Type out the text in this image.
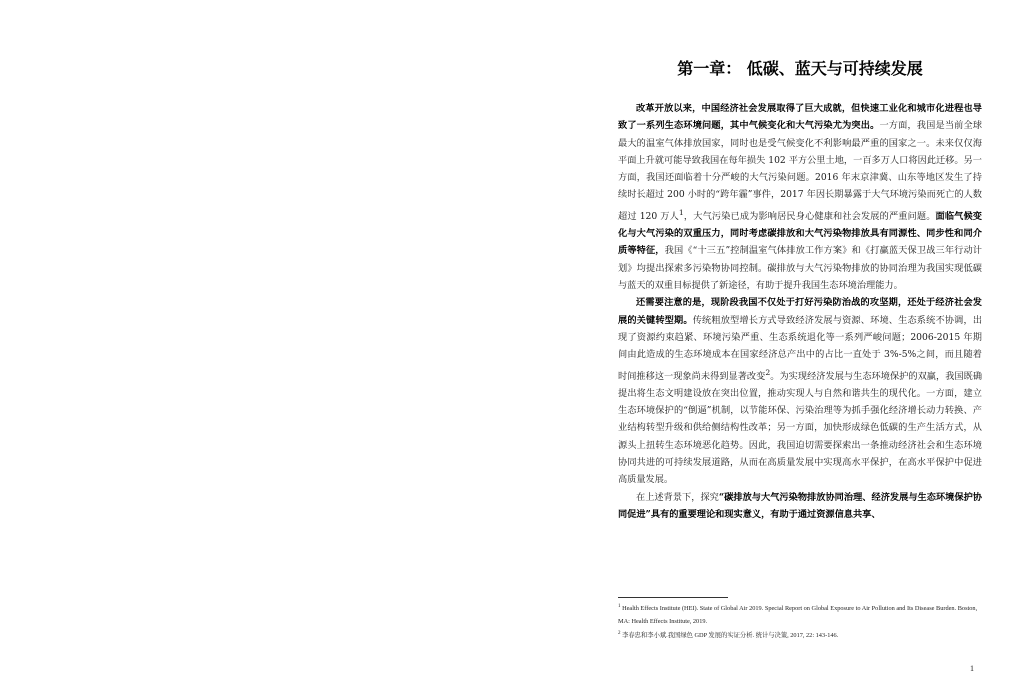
第一章： 低碳、蓝天与可持续发展

改革开放以来，中国经济社会发展取得了巨大成就，但快速工业化和城市化进程也导致了一系列生态环境问题，其中气候变化和大气污染尤为突出。一方面，我国是当前全球最大的温室气体排放国家，同时也是受气候变化不利影响最严重的国家之一。未来仅仅海平面上升就可能导致我国在每年损失 102 平方公里土地，一百多万人口将因此迁移。另一方面，我国还面临着十分严峻的大气污染问题。2016 年末京津冀、山东等地区发生了持续时长超过 200 小时的“跨年霾”事件，2017 年因长期暴露于大气环境污染而死亡的人数超过 120 万人$^1$，大气污染已成为影响居民身心健康和社会发展的严重问题。面临气候变化与大气污染的双重压力，同时考虑碳排放和大气污染物排放具有同源性、同步性和同介质等特征，我国《“十三五”控制温室气体排放工作方案》和《打赢蓝天保卫战三年行动计划》均提出探索多污染物协同控制。碳排放与大气污染物排放的协同治理为我国实现低碳与蓝天的双重目标提供了新途径，有助于提升我国生态环境治理能力。

还需要注意的是，现阶段我国不仅处于打好污染防治战的攻坚期，还处于经济社会发展的关键转型期。传统粗放型增长方式导致经济发展与资源、环境、生态系统不协调，出现了资源约束趋紧、环境污染严重、生态系统退化等一系列严峻问题；2006-2015 年期间由此造成的生态环境成本在国家经济总产出中的占比一直处于 3%-5%之间，而且随着时间推移这一现象尚未得到显著改变$^2$。为实现经济发展与生态环境保护的双赢，我国既确提出将生态文明建设放在突出位置，推动实现人与自然和谐共生的现代化。一方面，建立生态环境保护的“倒逼”机制，以节能环保、污染治理等为抓手强化经济增长动力转换、产业结构转型升级和供给侧结构性改革；另一方面，加快形成绿色低碳的生产生活方式，从源头上扭转生态环境恶化趋势。因此，我国迫切需要探索出一条推动经济社会和生态环境协同共进的可持续发展道路，从而在高质量发展中实现高水平保护，在高水平保护中促进高质量发展。

在上述背景下，探究“碳排放与大气污染物排放协同治理、经济发展与生态环境保护协同促进”具有的重要理论和现实意义，有助于通过资源信息共享、

$^1$ Health Effects Institute (HEI). State of Global Air 2019. Special Report on Global Exposure to Air Pollution and Its Disease Burden. Boston, MA: Health Effects Institute, 2019.

$^2$ 李春忠和李小斌.我国绿色 GDP 发展的实证分析. 统计与决策, 2017, 22: 143-146.

1
